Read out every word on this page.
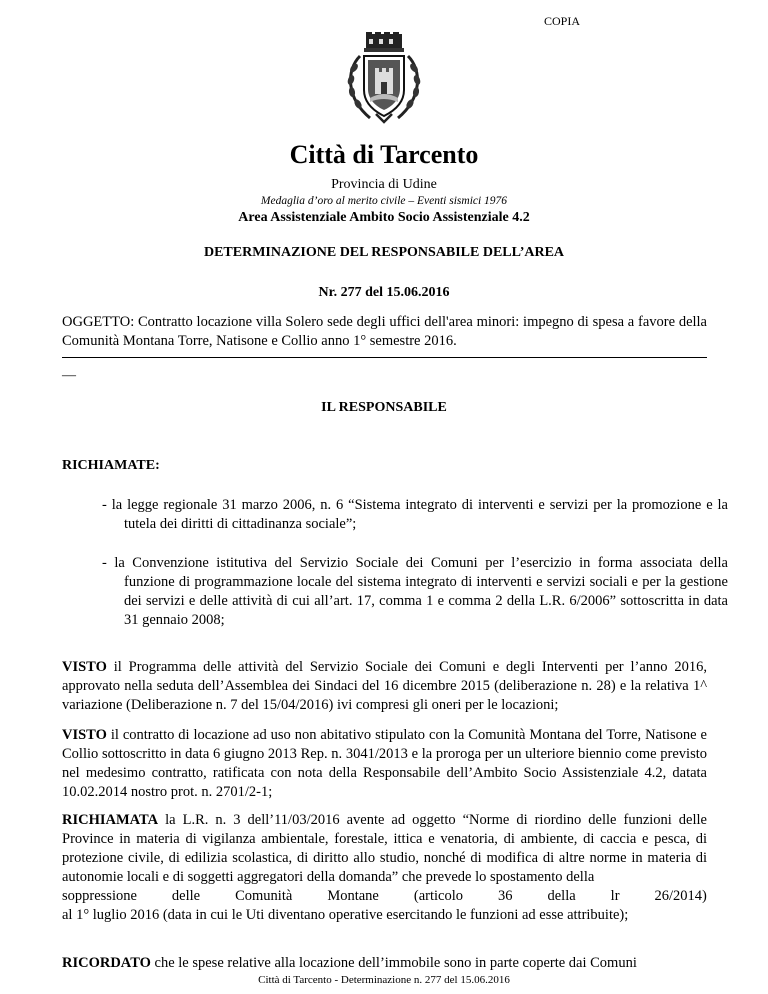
COPIA
Città di Tarcento
Provincia di Udine
Medaglia d’oro al merito civile – Eventi sismici 1976
Area Assistenziale Ambito Socio Assistenziale 4.2
DETERMINAZIONE DEL RESPONSABILE DELL’AREA
Nr. 277 del 15.06.2016
OGGETTO: Contratto locazione villa Solero sede degli uffici dell'area minori: impegno di spesa a favore della Comunità Montana Torre, Natisone e Collio anno 1° semestre 2016.
—
IL RESPONSABILE
RICHIAMATE:
- la legge regionale 31 marzo 2006, n. 6 “Sistema integrato di interventi e servizi per la promozione e la tutela dei diritti di cittadinanza sociale”;
- la Convenzione istitutiva del Servizio Sociale dei Comuni per l’esercizio in forma associata della funzione di programmazione locale del sistema integrato di interventi e servizi sociali e per la gestione dei servizi e delle attività di cui all’art. 17, comma 1 e comma 2 della L.R. 6/2006” sottoscritta in data 31 gennaio 2008;
VISTO il Programma delle attività del Servizio Sociale dei Comuni e degli Interventi per l’anno 2016, approvato nella seduta dell’Assemblea dei Sindaci del 16 dicembre 2015 (deliberazione n. 28) e la relativa 1^ variazione (Deliberazione n. 7 del 15/04/2016) ivi compresi gli oneri per le locazioni;
VISTO il contratto di locazione ad uso non abitativo stipulato con la Comunità Montana del Torre, Natisone e Collio sottoscritto in data 6 giugno 2013 Rep. n. 3041/2013 e la proroga per un ulteriore biennio come previsto nel medesimo contratto, ratificata con nota della Responsabile dell’Ambito Socio Assistenziale 4.2, datata 10.02.2014 nostro prot. n. 2701/2-1;
RICHIAMATA la L.R. n. 3 dell’11/03/2016 avente ad oggetto “Norme di riordino delle funzioni delle Province in materia di vigilanza ambientale, forestale, ittica e venatoria, di ambiente, di caccia e pesca, di protezione civile, di edilizia scolastica, di diritto allo studio, nonché di modifica di altre norme in materia di autonomie locali e di soggetti aggregatori della domanda” che prevede lo spostamento della
soppressione delle Comunità Montane (articolo 36 della lr 26/2014)
al 1° luglio 2016 (data in cui le Uti diventano operative esercitando le funzioni ad esse attribuite);
RICORDATO che le spese relative alla locazione dell’immobile sono in parte coperte dai Comuni
Città di Tarcento - Determinazione n. 277 del 15.06.2016
